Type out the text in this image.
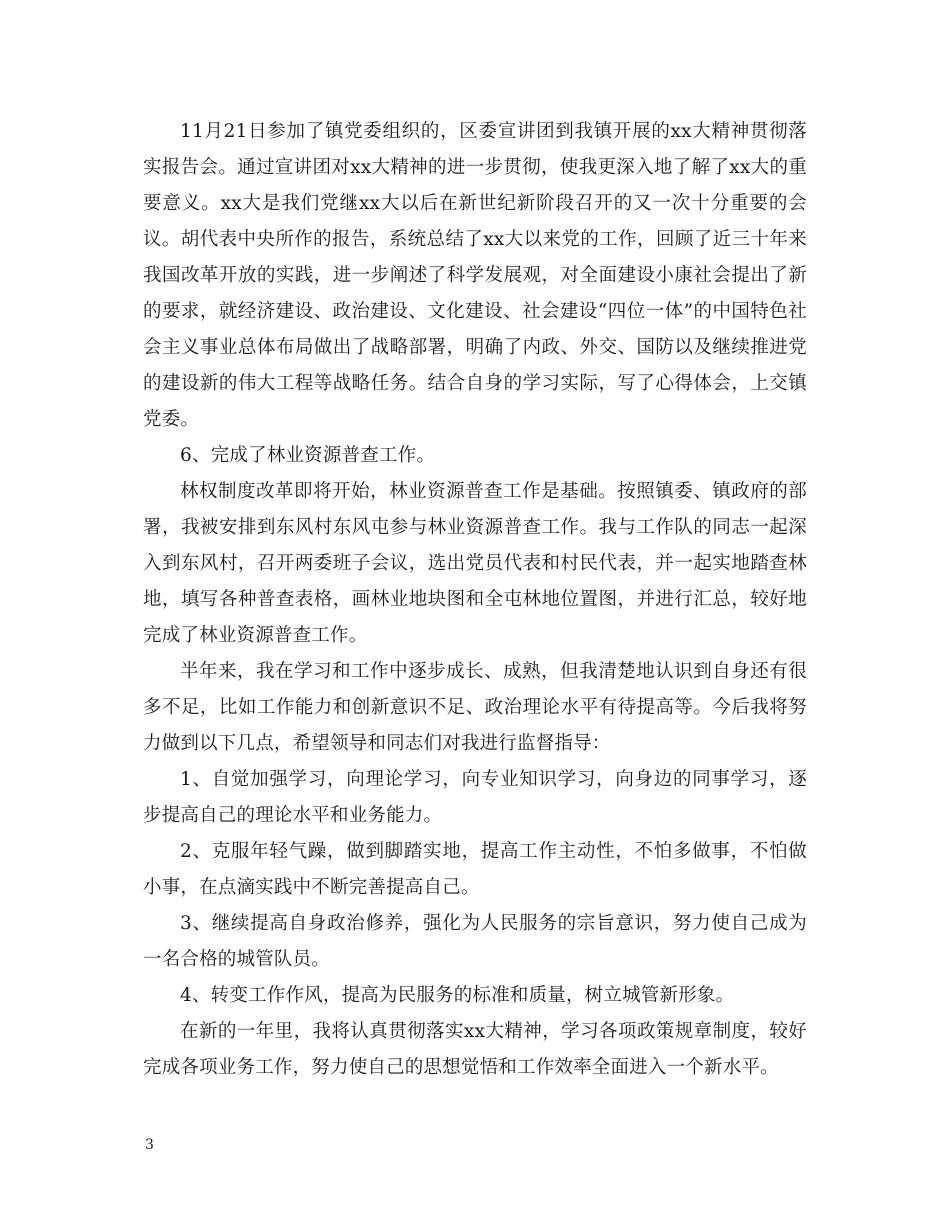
11月21日参加了镇党委组织的，区委宣讲团到我镇开展的xx大精神贯彻落实报告会。通过宣讲团对xx大精神的进一步贯彻，使我更深入地了解了xx大的重要意义。xx大是我们党继xx大以后在新世纪新阶段召开的又一次十分重要的会议。胡代表中央所作的报告，系统总结了xx大以来党的工作，回顾了近三十年来我国改革开放的实践，进一步阐述了科学发展观，对全面建设小康社会提出了新的要求，就经济建设、政治建设、文化建设、社会建设“四位一体”的中国特色社会主义事业总体布局做出了战略部署，明确了内政、外交、国防以及继续推进党的建设新的伟大工程等战略任务。结合自身的学习实际，写了心得体会，上交镇党委。

6、完成了林业资源普查工作。

林权制度改革即将开始，林业资源普查工作是基础。按照镇委、镇政府的部署，我被安排到东风村东风屯参与林业资源普查工作。我与工作队的同志一起深入到东风村，召开两委班子会议，选出党员代表和村民代表，并一起实地踏查林地，填写各种普查表格，画林业地块图和全屯林地位置图，并进行汇总，较好地完成了林业资源普查工作。

半年来，我在学习和工作中逐步成长、成熟，但我清楚地认识到自身还有很多不足，比如工作能力和创新意识不足、政治理论水平有待提高等。今后我将努力做到以下几点，希望领导和同志们对我进行监督指导：

1、自觉加强学习，向理论学习，向专业知识学习，向身边的同事学习，逐步提高自己的理论水平和业务能力。

2、克服年轻气躁，做到脚踏实地，提高工作主动性，不怕多做事，不怕做小事，在点滴实践中不断完善提高自己。

3、继续提高自身政治修养，强化为人民服务的宗旨意识，努力使自己成为一名合格的城管队员。

4、转变工作作风，提高为民服务的标准和质量，树立城管新形象。

在新的一年里，我将认真贯彻落实xx大精神，学习各项政策规章制度，较好完成各项业务工作，努力使自己的思想觉悟和工作效率全面进入一个新水平。

3
